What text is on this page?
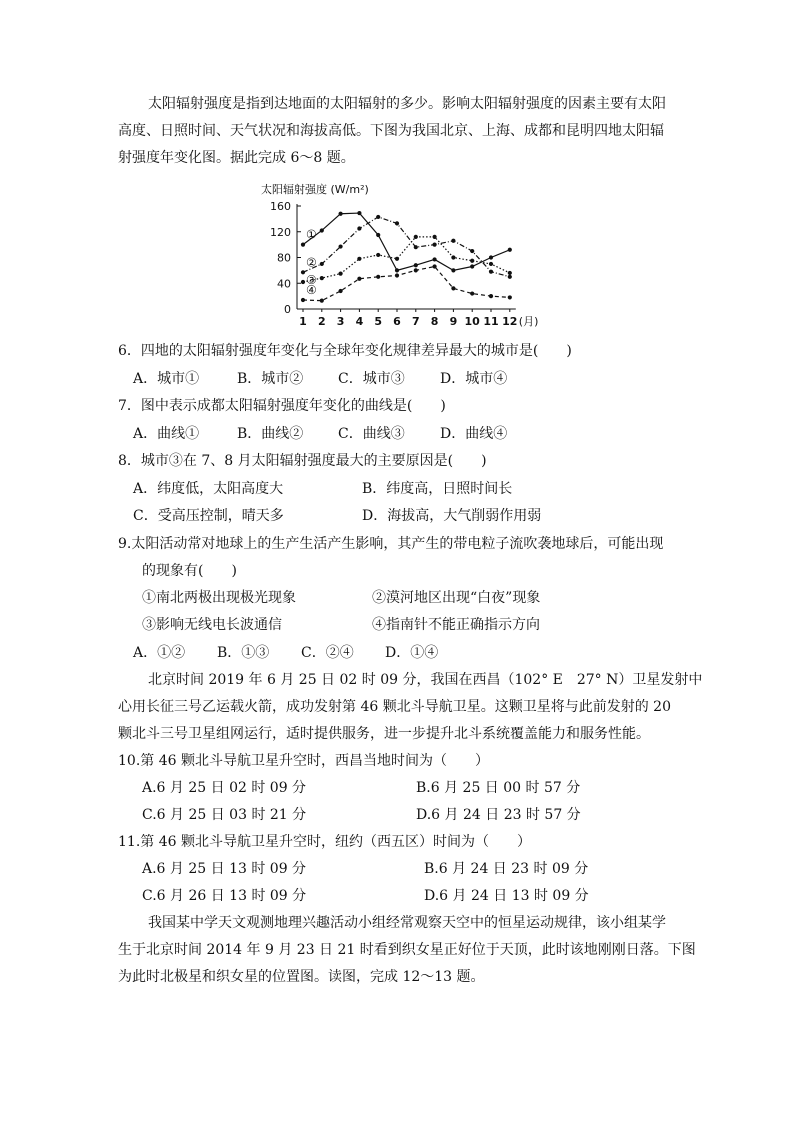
太阳辐射强度是指到达地面的太阳辐射的多少。影响太阳辐射强度的因素主要有太阳
高度、日照时间、天气状况和海拔高低。下图为我国北京、上海、成都和昆明四地太阳辐
射强度年变化图。据此完成 6～8 题。
太阳辐射强度 (W/m²)
0
40
80
120
160
1 2 3 4 5 6 7 8 9 10 11 12 (月)
①
②
③
④
6．四地的太阳辐射强度年变化与全球年变化规律差异最大的城市是(　　)
A．城市①	B．城市② C．城市③	D．城市④
7．图中表示成都太阳辐射强度年变化的曲线是(　　)
A．曲线①	B．曲线② C．曲线③	D．曲线④
8．城市③在 7、8 月太阳辐射强度最大的主要原因是(　　)
A．纬度低，太阳高度大	B．纬度高，日照时间长
C．受高压控制，晴天多	D．海拔高，大气削弱作用弱
9.太阳活动常对地球上的生产生活产生影响，其产生的带电粒子流吹袭地球后，可能出现
的现象有(　　)
①南北两极出现极光现象	②漠河地区出现“白夜”现象
③影响无线电长波通信	④指南针不能正确指示方向
A．①② B．①③ C．②④ D．①④
北京时间 2019 年 6 月 25 日 02 时 09 分，我国在西昌（102° E　27° N）卫星发射中
心用长征三号乙运载火箭，成功发射第 46 颗北斗导航卫星。这颗卫星将与此前发射的 20
颗北斗三号卫星组网运行，适时提供服务，进一步提升北斗系统覆盖能力和服务性能。
10.第 46 颗北斗导航卫星升空时，西昌当地时间为（　　）
A.6 月 25 日 02 时 09 分	B.6 月 25 日 00 时 57 分
C.6 月 25 日 03 时 21 分	D.6 月 24 日 23 时 57 分
11.第 46 颗北斗导航卫星升空时，纽约（西五区）时间为（　　）
A.6 月 25 日 13 时 09 分	B.6 月 24 日 23 时 09 分
C.6 月 26 日 13 时 09 分	D.6 月 24 日 13 时 09 分
我国某中学天文观测地理兴趣活动小组经常观察天空中的恒星运动规律，该小组某学
生于北京时间 2014 年 9 月 23 日 21 时看到织女星正好位于天顶，此时该地刚刚日落。下图
为此时北极星和织女星的位置图。读图，完成 12～13 题。
